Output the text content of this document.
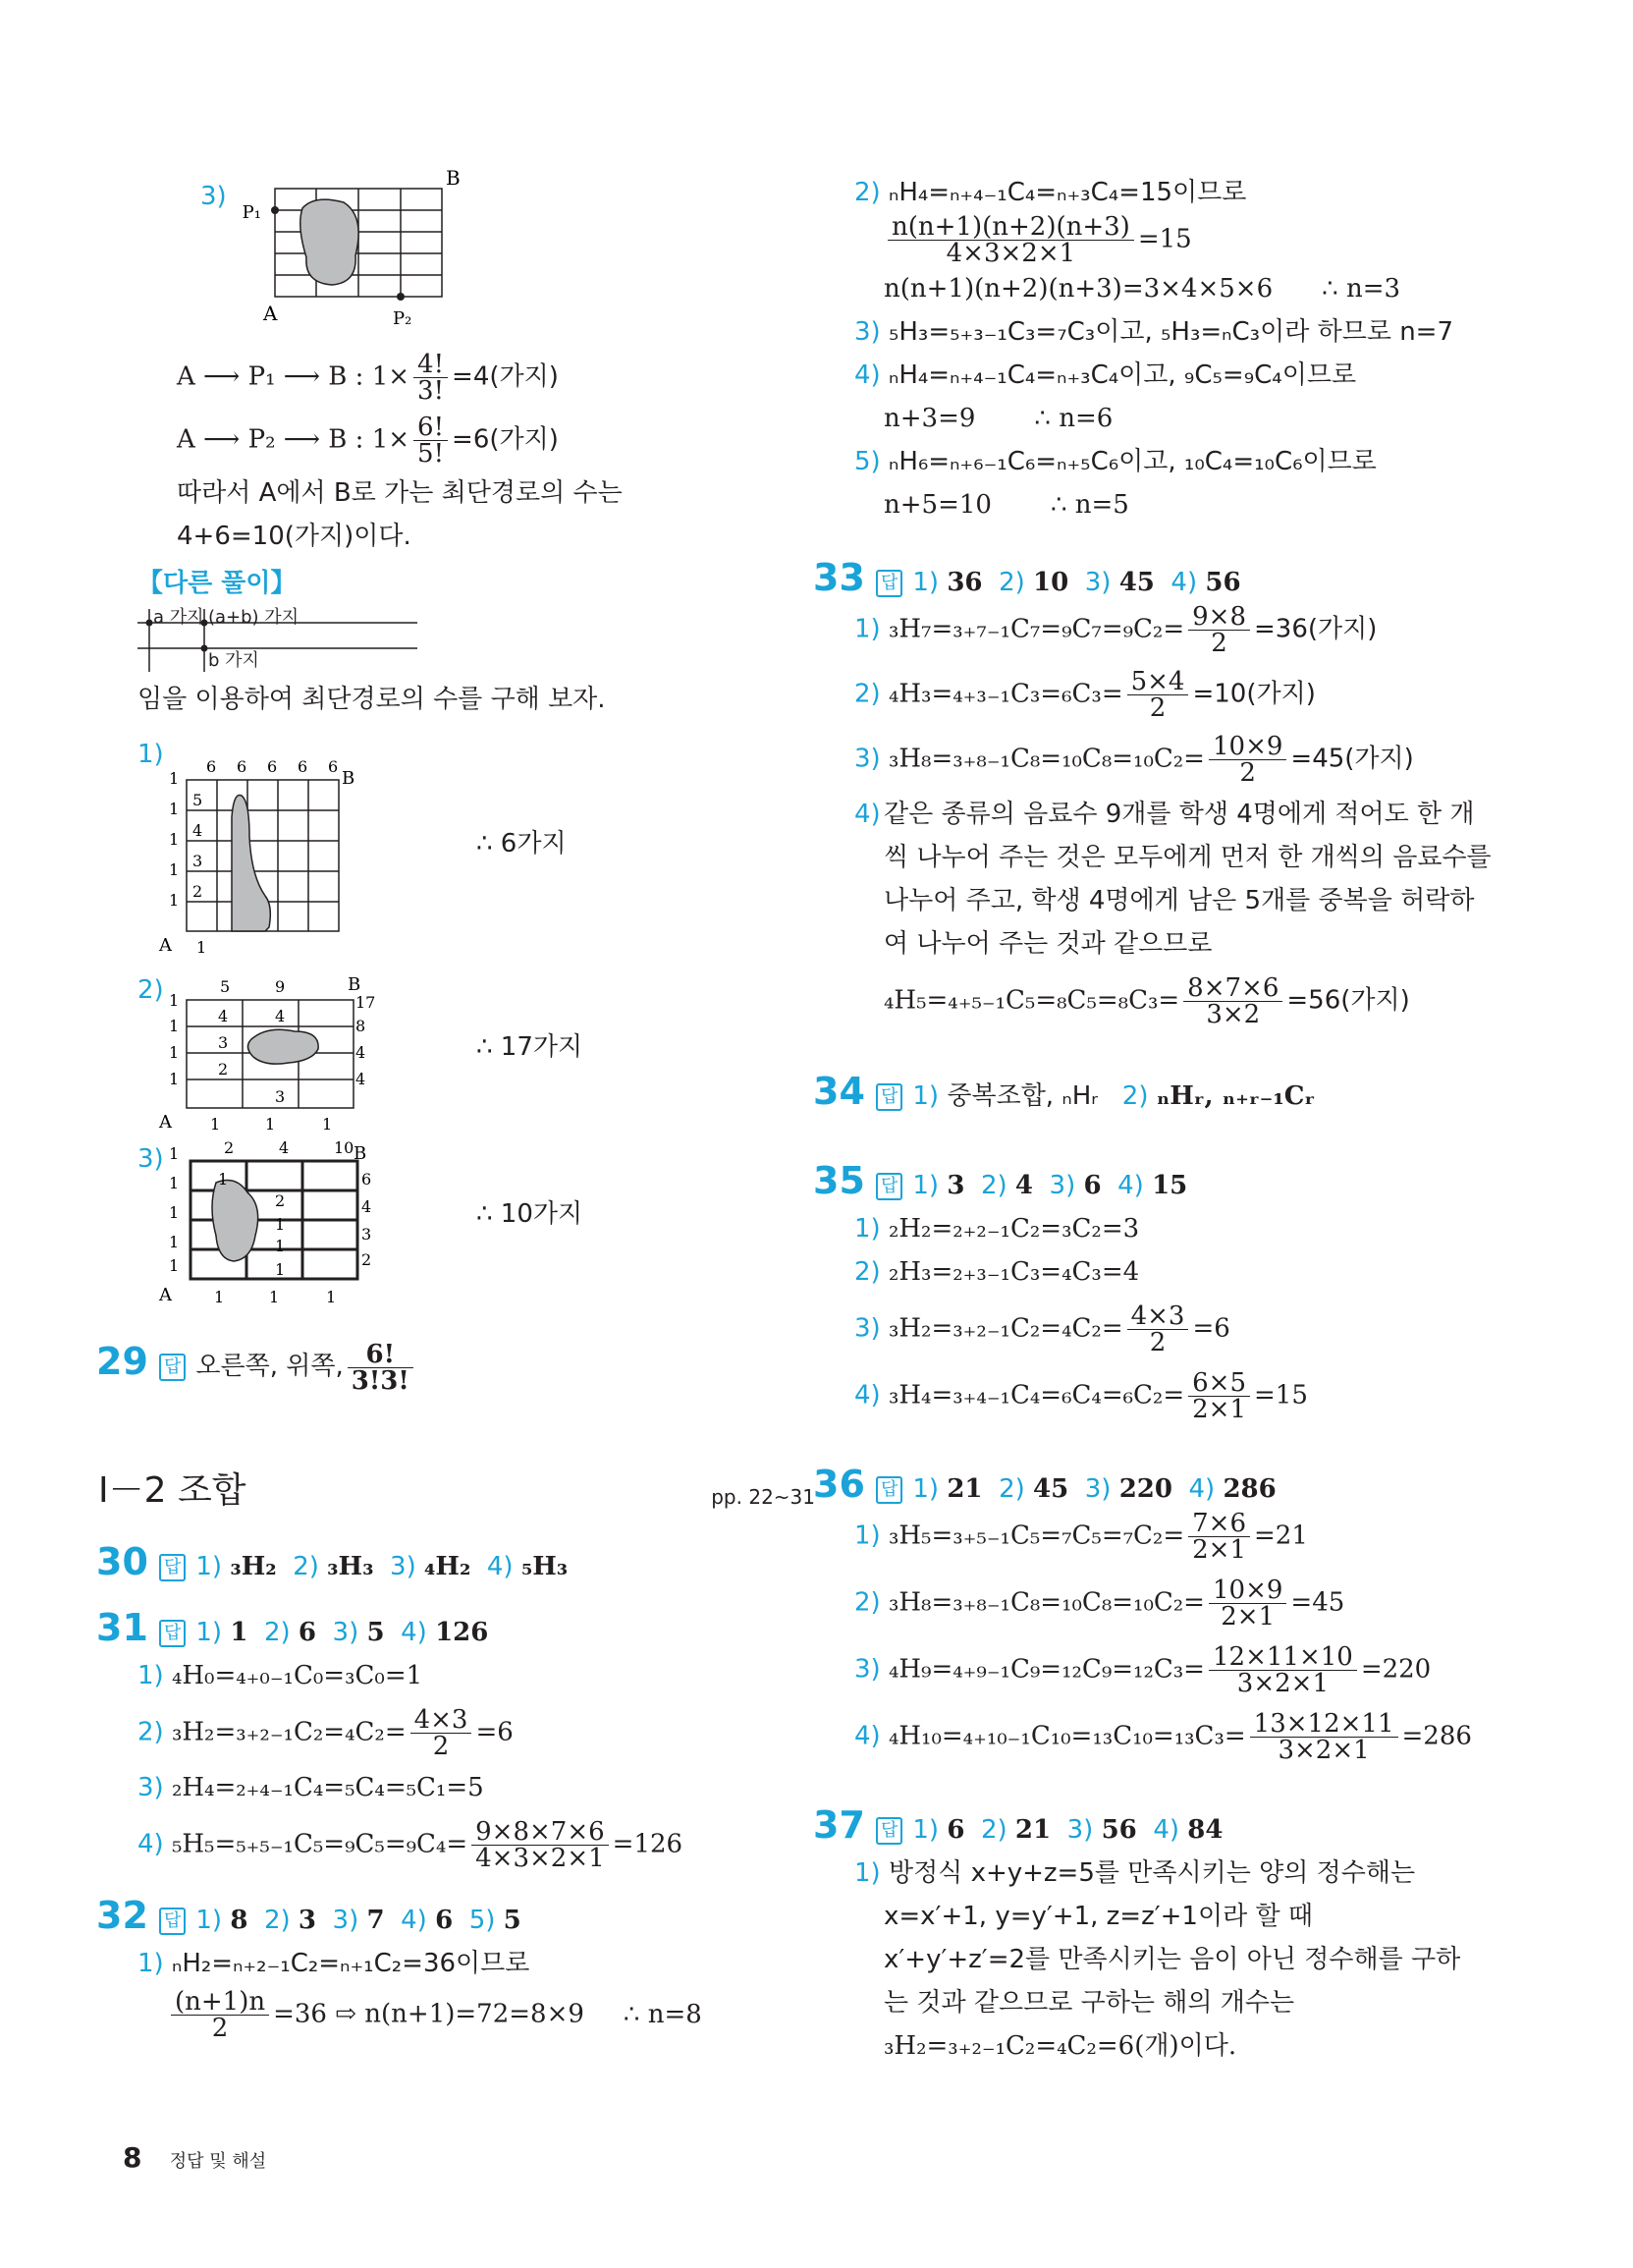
3)
P₁
B
A	P₂
A ⟶ P₁ ⟶ B : $1\times \frac{4!}{3!} =4$(가지)
A ⟶ P₂ ⟶ B : $1\times \frac{6!}{5!} =6$(가지)
따라서 A에서 B로 가는 최단경로의 수는
4+6=10(가지)이다.
【다른 풀이】
a 가지 (a+b) 가지
b 가지
임을 이용하여 최단경로의 수를 구해 보자.
1)	6 6 6 6 6
B
1
1
1
1
1
5
4
3
2
A 1
∴ 6가지
2)	5	9	B
17
8
4
4
1
1
1
1
4	4
3
2
3
A 1	1	1
∴ 17가지
3) 1	2	4	10 B
6
4
3
2
1
1
1
1
1
2
1
1
1
A	1	1	1
∴ 10가지
29 답 오른쪽, 위쪽, $\frac{6!}{3!3!}$
Ⅰ－2 조합	pp. 22~31
30 답 1) ₃H₂ 2) ₃H₃ 3) ₄H₂ 4) ₅H₃
31 답 1) 1 2) 6 3) 5 4) 126
1) ₄H₀=₄₊₀₋₁C₀=₃C₀=1
2) $_3H_2=_{3+2-1}C_2=_4C_2= \frac{4\times 3}{2} =6$
3) ₂H₄=₂₊₄₋₁C₄=₅C₄=₅C₁=5
4) $_5H_5=_{5+5-1}C_5=_9C_5=_9C_4= \frac{9\times 8\times 7\times 6}{4\times 3\times 2\times 1} =126$
32 답 1) 8 2) 3 3) 7 4) 6 5) 5
1) ₙH₂=ₙ₊₂₋₁C₂=ₙ₊₁C₂=36이므로
$\frac{(n+1)n}{2} =36$ ⇨ n(n+1)=72=8×9 ∴ n=8
2) ₙH₄=ₙ₊₄₋₁C₄=ₙ₊₃C₄=15이므로
$\frac{n(n+1)(n+2)(n+3)}{4\times 3\times 2\times 1} =15$
n(n+1)(n+2)(n+3)=3×4×5×6 ∴ n=3
3) ₅H₃=₅₊₃₋₁C₃=₇C₃이고, ₅H₃=ₙC₃이라 하므로 n=7
4) ₙH₄=ₙ₊₄₋₁C₄=ₙ₊₃C₄이고, ₉C₅=₉C₄이므로
n+3=9 ∴ n=6
5) ₙH₆=ₙ₊₆₋₁C₆=ₙ₊₅C₆이고, ₁₀C₄=₁₀C₆이므로
n+5=10 ∴ n=5
33 답 1) 36 2) 10 3) 45 4) 56
1) $_3H_7=_{3+7-1}C_7=_9C_7=_9C_2= \frac{9\times 8}{2} =36$(가지)
2) $_4H_3=_{4+3-1}C_3=_6C_3= \frac{5\times 4}{2} =10$(가지)
3) $_3H_8=_{3+8-1}C_8=_{10}C_8=_{10}C_2= \frac{10\times 9}{2} =45$(가지)
4) 같은 종류의 음료수 9개를 학생 4명에게 적어도 한 개씩 나누어 주는 것은 모두에게 먼저 한 개씩의 음료수를 나누어 주고, 학생 4명에게 남은 5개를 중복을 허락하여 나누어 주는 것과 같으므로
$_4H_5=_{4+5-1}C_5=_8C_5=_8C_3= \frac{8\times 7\times 6}{3\times 2} =56$(가지)
34 답 1) 중복조합, ₙHᵣ 2) ₙHᵣ, ₙ₊ᵣ₋₁Cᵣ
35 답 1) 3 2) 4 3) 6 4) 15
1) ₂H₂=₂₊₂₋₁C₂=₃C₂=3
2) ₂H₃=₂₊₃₋₁C₃=₄C₃=4
3) $_3H_2=_{3+2-1}C_2=_4C_2= \frac{4\times 3}{2} =6$
4) $_3H_4=_{3+4-1}C_4=_6C_4=_6C_2= \frac{6\times 5}{2\times 1} =15$
36 답 1) 21 2) 45 3) 220 4) 286
1) $_3H_5=_{3+5-1}C_5=_7C_5=_7C_2= \frac{7\times 6}{2\times 1} =21$
2) $_3H_8=_{3+8-1}C_8=_{10}C_8=_{10}C_2= \frac{10\times 9}{2\times 1} =45$
3) $_4H_9=_{4+9-1}C_9=_{12}C_9=_{12}C_3= \frac{12\times 11\times 10}{3\times 2\times 1} =220$
4) $_4H_{10}=_{4+10-1}C_{10}=_{13}C_{10}=_{13}C_3= \frac{13\times 12\times 11}{3\times 2\times 1} =286$
37 답 1) 6 2) 21 3) 56 4) 84
1) 방정식 x+y+z=5를 만족시키는 양의 정수해는
x=x′+1, y=y′+1, z=z′+1이라 할 때
x′+y′+z′=2를 만족시키는 음이 아닌 정수해를 구하
는 것과 같으므로 구하는 해의 개수는
₃H₂=₃₊₂₋₁C₂=₄C₂=6(개)이다.
8 정답 및 해설
